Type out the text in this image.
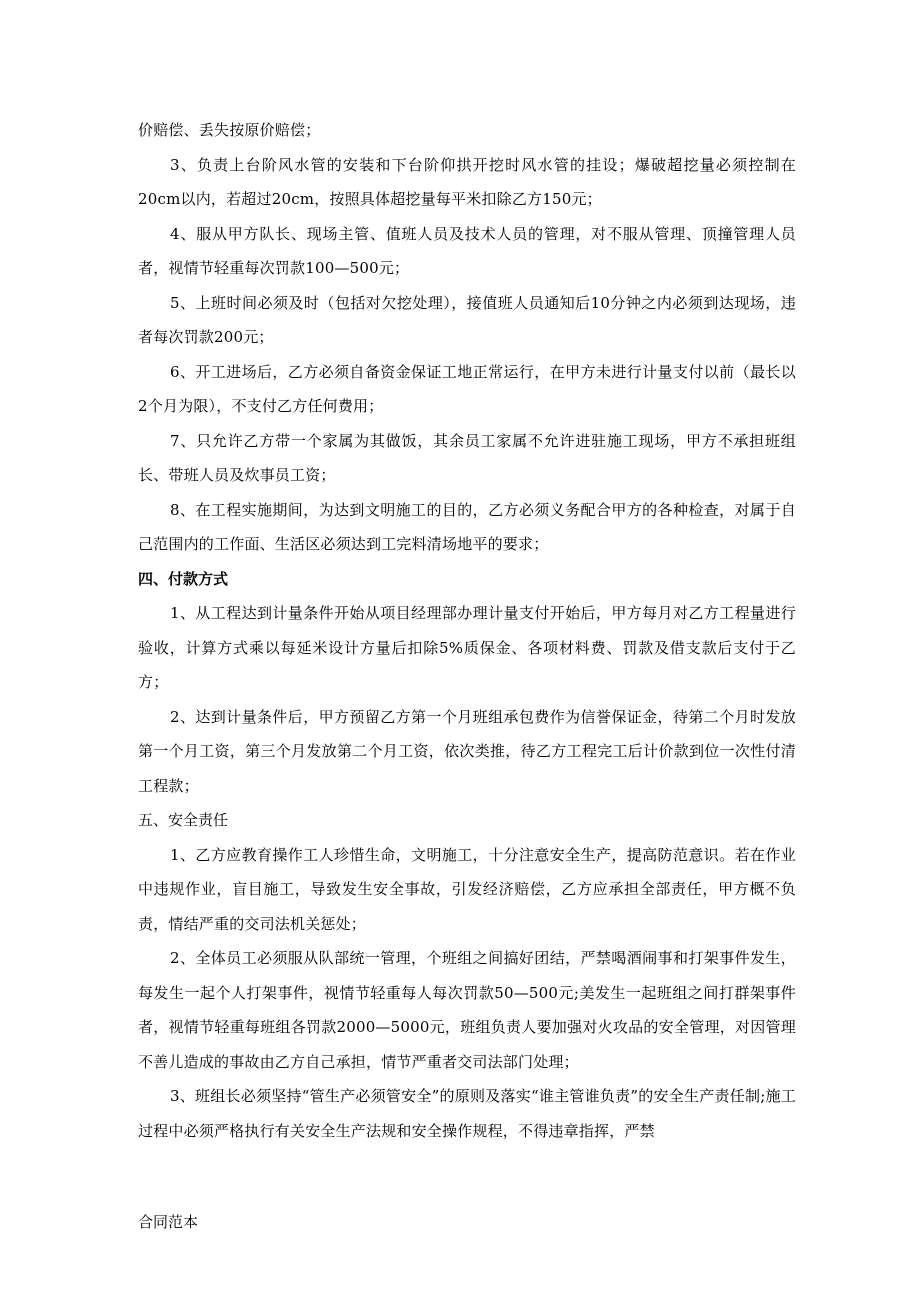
价赔偿、丢失按原价赔偿；

3、负责上台阶风水管的安装和下台阶仰拱开挖时风水管的挂设；爆破超挖量必须控制在20cm以内，若超过20cm，按照具体超挖量每平米扣除乙方150元；

4、服从甲方队长、现场主管、值班人员及技术人员的管理，对不服从管理、顶撞管理人员者，视情节轻重每次罚款100—500元；

5、上班时间必须及时（包括对欠挖处理），接值班人员通知后10分钟之内必须到达现场，违者每次罚款200元；

6、开工进场后，乙方必须自备资金保证工地正常运行，在甲方未进行计量支付以前（最长以2个月为限），不支付乙方任何费用；

7、只允许乙方带一个家属为其做饭，其余员工家属不允许进驻施工现场，甲方不承担班组长、带班人员及炊事员工资；

8、在工程实施期间，为达到文明施工的目的，乙方必须义务配合甲方的各种检查，对属于自己范围内的工作面、生活区必须达到工完料清场地平的要求；

四、付款方式

1、从工程达到计量条件开始从项目经理部办理计量支付开始后，甲方每月对乙方工程量进行验收，计算方式乘以每延米设计方量后扣除5%质保金、各项材料费、罚款及借支款后支付于乙方；

2、达到计量条件后，甲方预留乙方第一个月班组承包费作为信誉保证金，待第二个月时发放第一个月工资，第三个月发放第二个月工资，依次类推，待乙方工程完工后计价款到位一次性付清工程款；

五、安全责任

1、乙方应教育操作工人珍惜生命，文明施工，十分注意安全生产，提高防范意识。若在作业中违规作业，盲目施工，导致发生安全事故，引发经济赔偿，乙方应承担全部责任，甲方概不负责，情结严重的交司法机关惩处；

2、全体员工必须服从队部统一管理，个班组之间搞好团结，严禁喝酒闹事和打架事件发生，每发生一起个人打架事件，视情节轻重每人每次罚款50—500元;美发生一起班组之间打群架事件者，视情节轻重每班组各罚款2000—5000元，班组负责人要加强对火攻品的安全管理，对因管理不善儿造成的事故由乙方自己承担，情节严重者交司法部门处理；

3、班组长必须坚持“管生产必须管安全”的原则及落实“谁主管谁负责”的安全生产责任制;施工过程中必须严格执行有关安全生产法规和安全操作规程，不得违章指挥，严禁

合同范本
